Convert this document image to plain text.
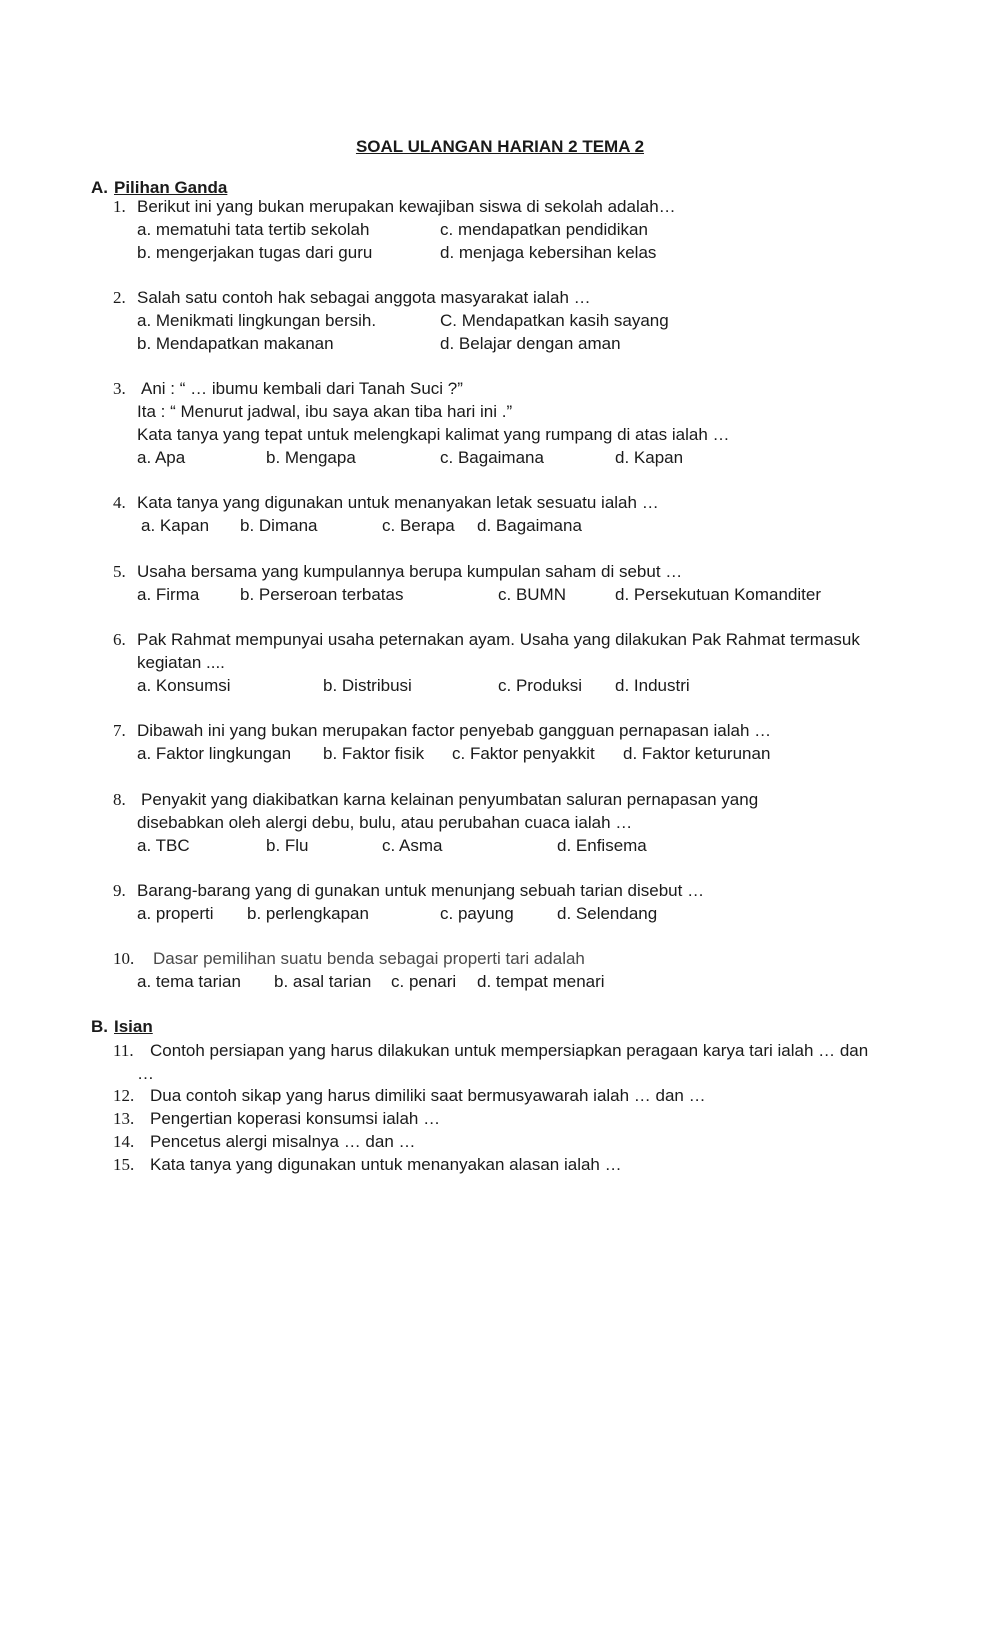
SOAL ULANGAN HARIAN 2 TEMA 2
A. Pilihan Ganda
1. Berikut ini yang bukan merupakan kewajiban siswa di sekolah adalah…
a. mematuhi tata tertib sekolah	c. mendapatkan pendidikan
b. mengerjakan tugas dari guru	d. menjaga kebersihan kelas
2. Salah satu contoh hak sebagai anggota masyarakat ialah …
a. Menikmati lingkungan bersih.	C. Mendapatkan kasih sayang
b. Mendapatkan makanan	d. Belajar dengan aman
3. Ani : “ … ibumu kembali dari Tanah Suci ?”
Ita : “ Menurut jadwal, ibu saya akan tiba hari ini .”
Kata tanya yang tepat untuk melengkapi kalimat yang rumpang di atas ialah …
a. Apa	b. Mengapa	c. Bagaimana	d. Kapan
4. Kata tanya yang digunakan untuk menanyakan letak sesuatu ialah …
a. Kapan b. Dimana	c. Berapa d. Bagaimana
5. Usaha bersama yang kumpulannya berupa kumpulan saham di sebut …
a. Firma b. Perseroan terbatas	c. BUMN	d. Persekutuan Komanditer
6. Pak Rahmat mempunyai usaha peternakan ayam. Usaha yang dilakukan Pak Rahmat termasuk
kegiatan ....
a. Konsumsi	b. Distribusi	c. Produksi d. Industri
7. Dibawah ini yang bukan merupakan factor penyebab gangguan pernapasan ialah …
a. Faktor lingkungan b. Faktor fisik c. Faktor penyakkit d. Faktor keturunan
8. Penyakit yang diakibatkan karna kelainan penyumbatan saluran pernapasan yang
disebabkan oleh alergi debu, bulu, atau perubahan cuaca ialah …
a. TBC	b. Flu	c. Asma	d. Enfisema
9. Barang-barang yang di gunakan untuk menunjang sebuah tarian disebut …
a. properti b. perlengkapan	c. payung	d. Selendang
10. Dasar pemilihan suatu benda sebagai properti tari adalah
a. tema tarian b. asal tarian c. penari d. tempat menari
B. Isian
11. Contoh persiapan yang harus dilakukan untuk mempersiapkan peragaan karya tari ialah … dan
…
12. Dua contoh sikap yang harus dimiliki saat bermusyawarah ialah … dan …
13. Pengertian koperasi konsumsi ialah …
14. Pencetus alergi misalnya … dan …
15. Kata tanya yang digunakan untuk menanyakan alasan ialah …
